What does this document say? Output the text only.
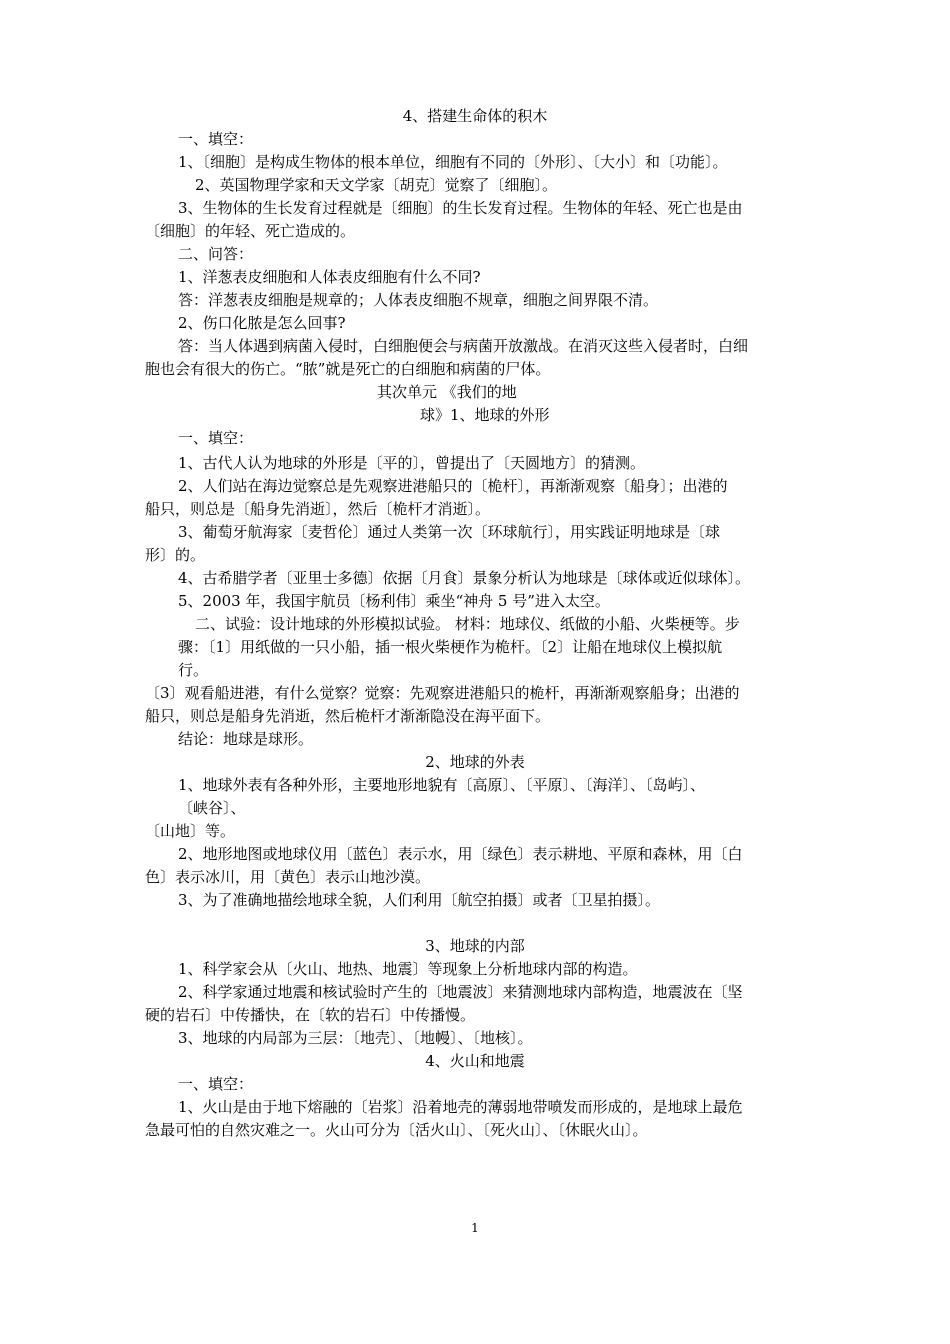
4、搭建生命体的积木
一、填空：
1、〔细胞〕是构成生物体的根本单位，细胞有不同的〔外形〕、〔大小〕和〔功能〕。
2、英国物理学家和天文学家〔胡克〕觉察了〔细胞〕。
3、生物体的生长发育过程就是〔细胞〕的生长发育过程。生物体的年轻、死亡也是由
〔细胞〕的年轻、死亡造成的。
二、问答：
1、洋葱表皮细胞和人体表皮细胞有什么不同?
答：洋葱表皮细胞是规章的；人体表皮细胞不规章，细胞之间界限不清。
2、伤口化脓是怎么回事?
答：当人体遇到病菌入侵时，白细胞便会与病菌开放激战。在消灭这些入侵者时，白细
胞也会有很大的伤亡。“脓”就是死亡的白细胞和病菌的尸体。
其次单元 《我们的地
球》1、地球的外形
一、填空：
1、古代人认为地球的外形是〔平的〕，曾提出了〔天圆地方〕的猜测。
2、人们站在海边觉察总是先观察进港船只的〔桅杆〕，再渐渐观察〔船身〕；出港的
船只，则总是〔船身先消逝〕，然后〔桅杆才消逝〕。
3、葡萄牙航海家〔麦哲伦〕通过人类第一次〔环球航行〕，用实践证明地球是〔球
形〕的。
4、古希腊学者〔亚里士多德〕依据〔月食〕景象分析认为地球是〔球体或近似球体〕。
5、2003 年，我国宇航员〔杨利伟〕乘坐“神舟 5 号”进入太空。
二、试验：设计地球的外形模拟试验。 材料：地球仪、纸做的小船、火柴梗等。步
骤：〔1〕用纸做的一只小船，插一根火柴梗作为桅杆。〔2〕让船在地球仪上模拟航
行。
〔3〕观看船进港，有什么觉察？觉察：先观察进港船只的桅杆，再渐渐观察船身；出港的
船只，则总是船身先消逝，然后桅杆才渐渐隐没在海平面下。
结论：地球是球形。
2、地球的外表
1、地球外表有各种外形，主要地形地貌有〔高原〕、〔平原〕、〔海洋〕、〔岛屿〕、
〔峡谷〕、
〔山地〕等。
2、地形地图或地球仪用〔蓝色〕表示水，用〔绿色〕表示耕地、平原和森林，用〔白
色〕表示冰川，用〔黄色〕表示山地沙漠。
3、为了准确地描绘地球全貌，人们利用〔航空拍摄〕或者〔卫星拍摄〕。
3、地球的内部
1、科学家会从〔火山、地热、地震〕等现象上分析地球内部的构造。
2、科学家通过地震和核试验时产生的〔地震波〕来猜测地球内部构造，地震波在〔坚
硬的岩石〕中传播快，在〔软的岩石〕中传播慢。
3、地球的内局部为三层：〔地壳〕、〔地幔〕、〔地核〕。
4、火山和地震
一、填空：
1、火山是由于地下熔融的〔岩浆〕沿着地壳的薄弱地带喷发而形成的，是地球上最危
急最可怕的自然灾难之一。火山可分为〔活火山〕、〔死火山〕、〔休眠火山〕。
1
